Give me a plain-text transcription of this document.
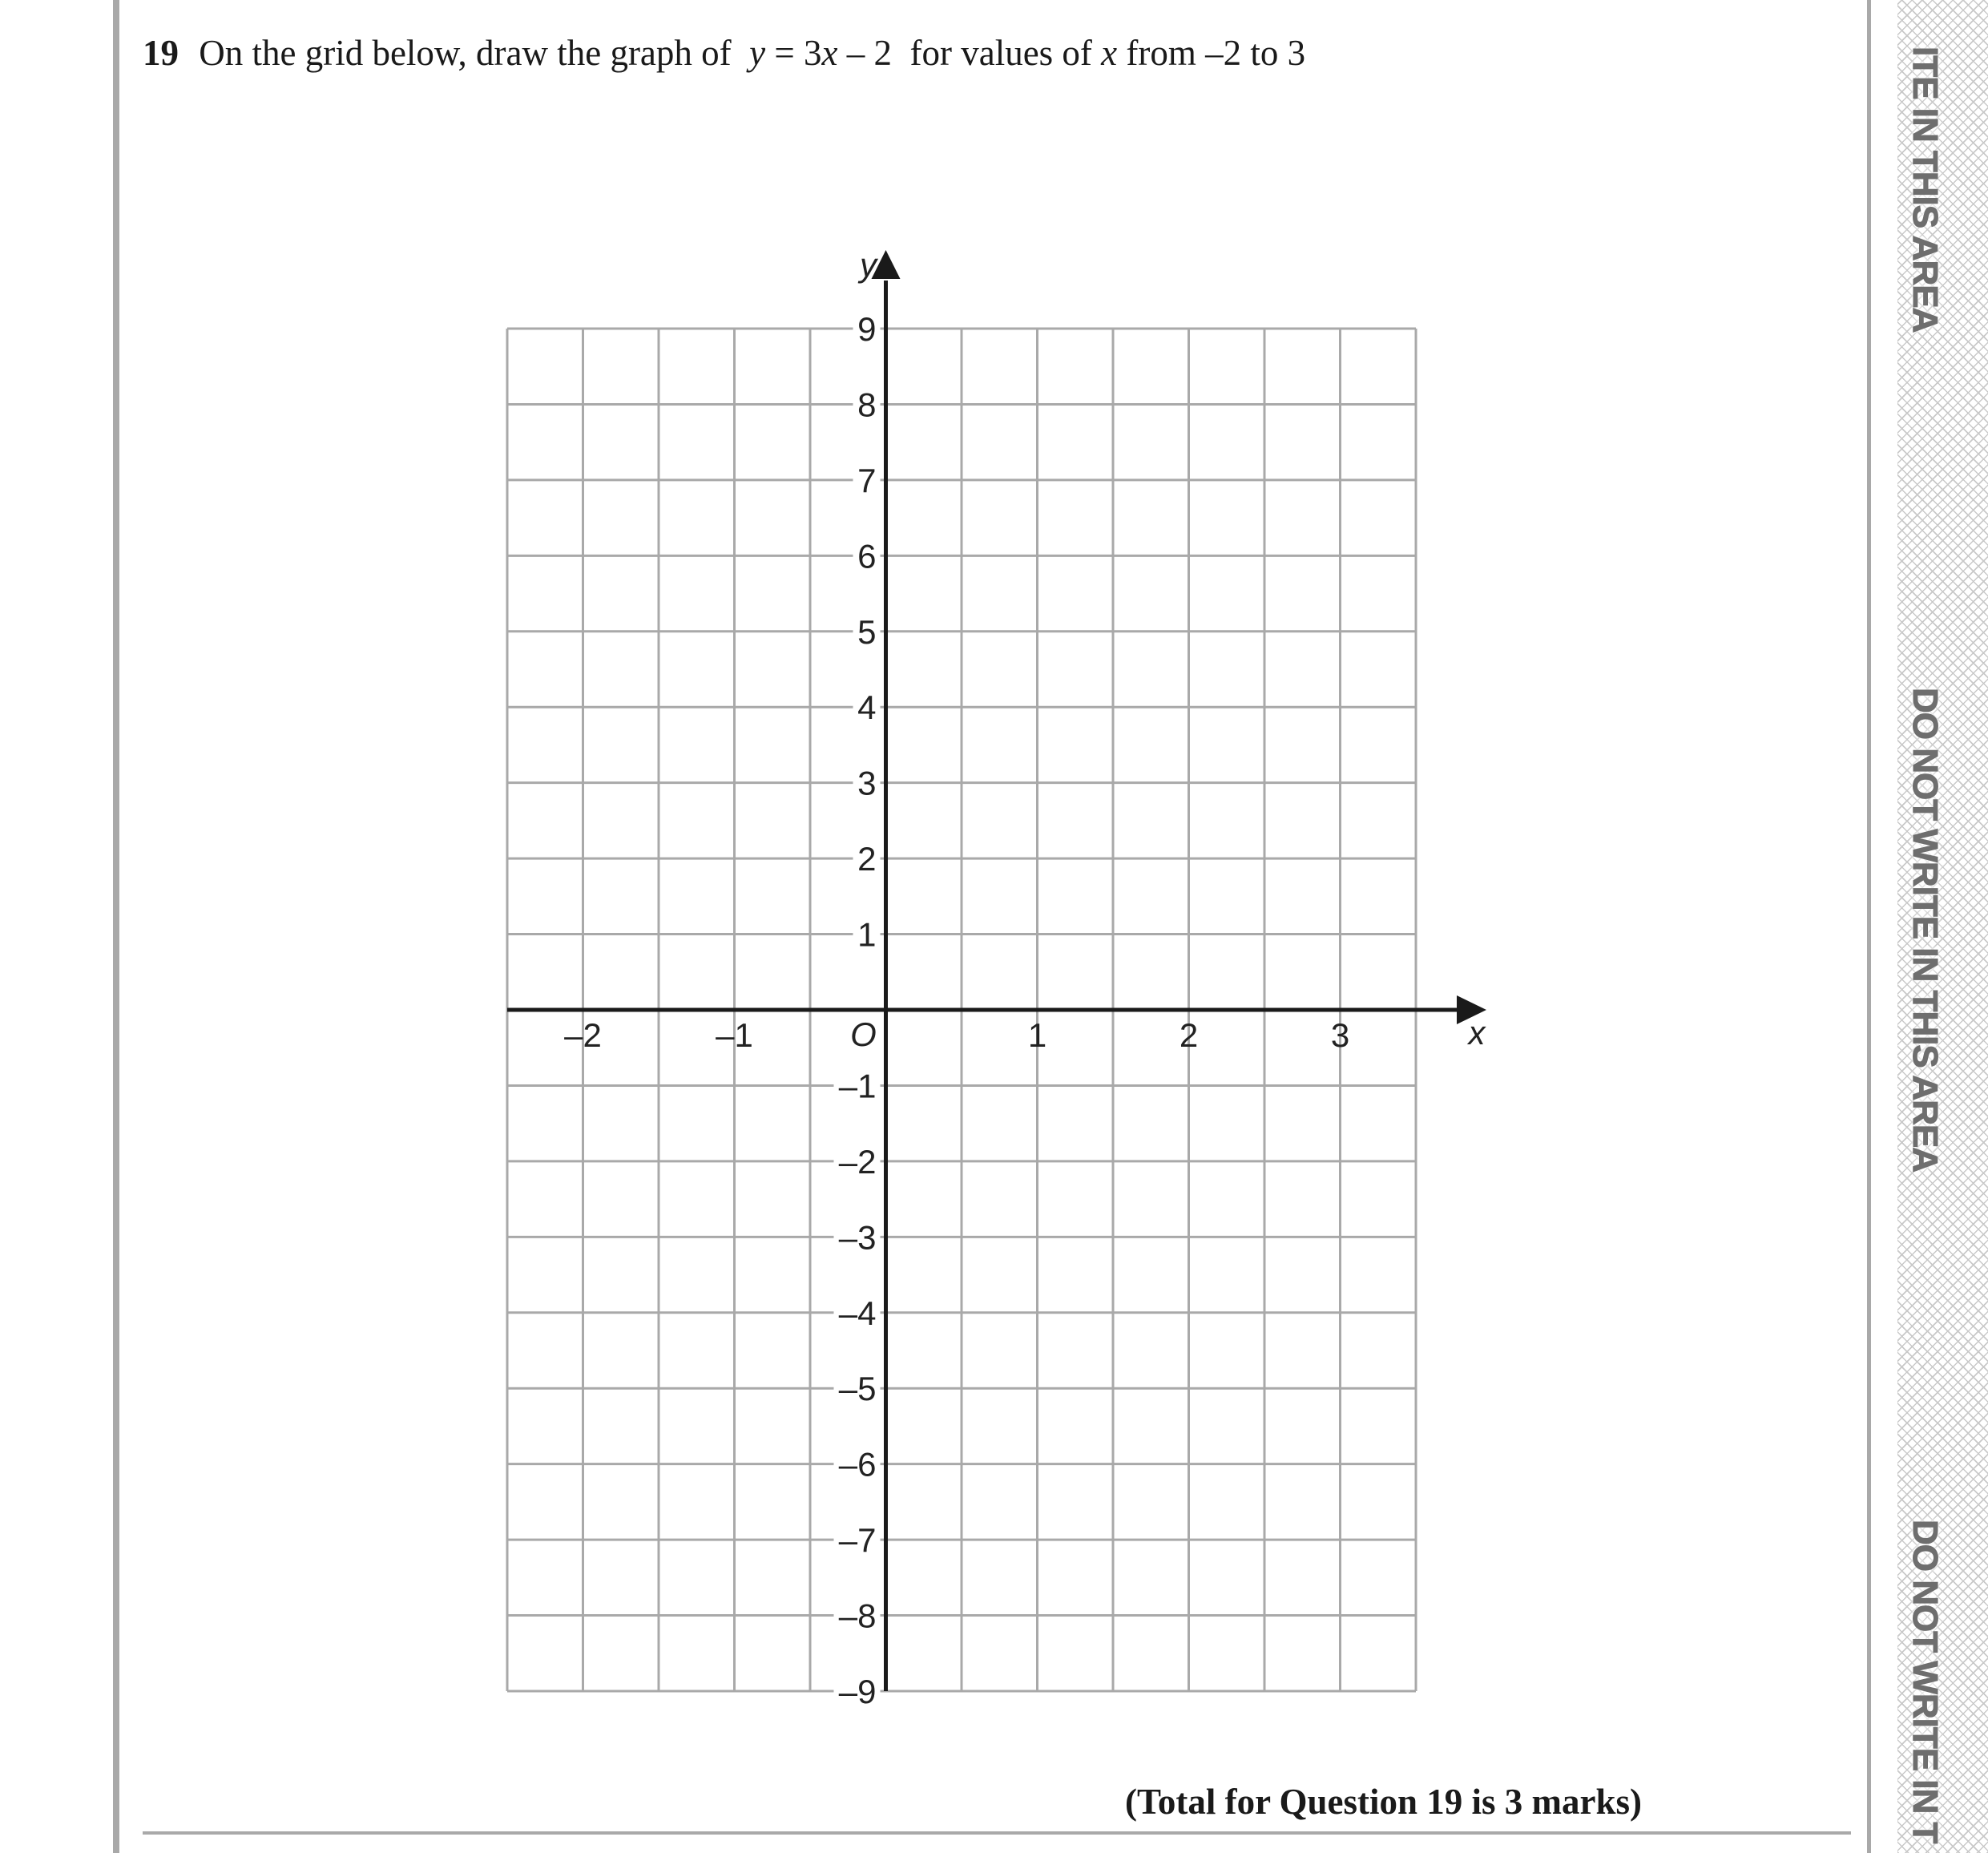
19 On the grid below, draw the graph of y = 3x – 2 for values of x from –2 to 3
x
y
O
–2	–1	1	2	3
9
8
7
6
5
4
3
2
1
–1
–2
–3
–4
–5
–6
–7
–8
–9
(Total for Question 19 is 3 marks)
ITE IN THIS AREA
DO NOT WRITE IN THIS AREA
DO NOT WRITE IN T
